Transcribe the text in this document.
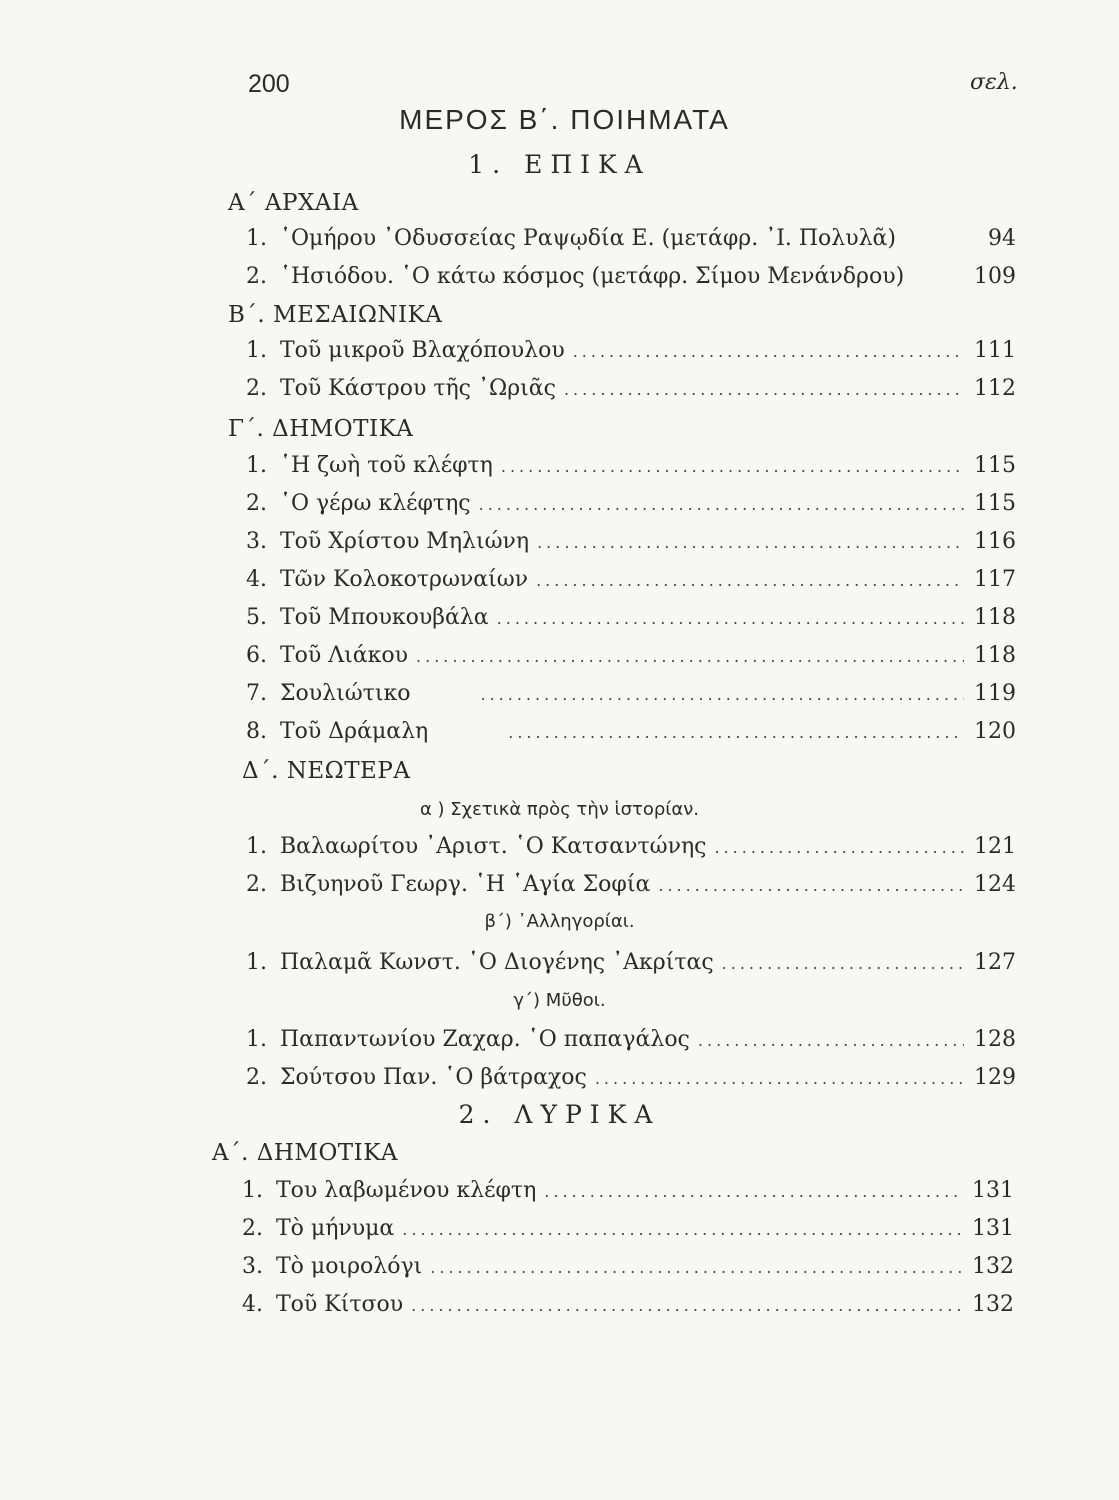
200	σελ.
ΜΕΡΟΣ Β΄. ΠΟΙΗΜΑΤΑ
1. ΕΠΙΚΑ
Α΄ ΑΡΧΑΙΑ
1. ῾Ομήρου ᾿Οδυσσείας Ραψῳδία Ε. (μετάφρ. ᾿Ι. Πολυλᾶ)	94
2. ῾Ησιόδου. ῾Ο κάτω κόσμος (μετάφρ. Σίμου Μενάνδρου)	109
Β΄. ΜΕΣΑΙΩΝΙΚΑ
1. Τοῦ μικροῦ Βλαχόπουλου .....	111
2. Τοῦ Κάστρου τῆς ᾿Ωριᾶς .....	112
Γ΄. ΔΗΜΟΤΙΚΑ
1. ῾Η ζωὴ τοῦ κλέφτη .....	115
2. ῾Ο γέρω κλέφτης .....	115
3. Τοῦ Χρίστου Μηλιώνη .....	116
4. Τῶν Κολοκοτρωναίων .....	117
5. Τοῦ Μπουκουβάλα .....	118
6. Τοῦ Λιάκου .....	118
7. Σουλιώτικο .....	119
8. Τοῦ Δράμαλη .....	120
Δ΄. ΝΕΩΤΕΡΑ
α ) Σχετικὰ πρὸς τὴν ἱστορίαν.
1. Βαλαωρίτου ᾿Αριστ. ῾Ο Κατσαντώνης .....	121
2. Βιζυηνοῦ Γεωργ. ῾Η ῾Αγία Σοφία .....	124
β΄) ᾿Αλληγορίαι.
1. Παλαμᾶ Κωνστ. ῾Ο Διογένης ᾿Ακρίτας .....	127
γ΄) Μῦθοι.
1. Παπαντωνίου Ζαχαρ. ῾Ο παπαγάλος .....	128
2. Σούτσου Παν. ῾Ο βάτραχος .....	129
2. ΛΥΡΙΚΑ
Α΄. ΔΗΜΟΤΙΚΑ
1. Του λαβωμένου κλέφτη .....	131
2. Τὸ μήνυμα .....	131
3. Τὸ μοιρολόγι .....	132
4. Τοῦ Κίτσου .....	132
